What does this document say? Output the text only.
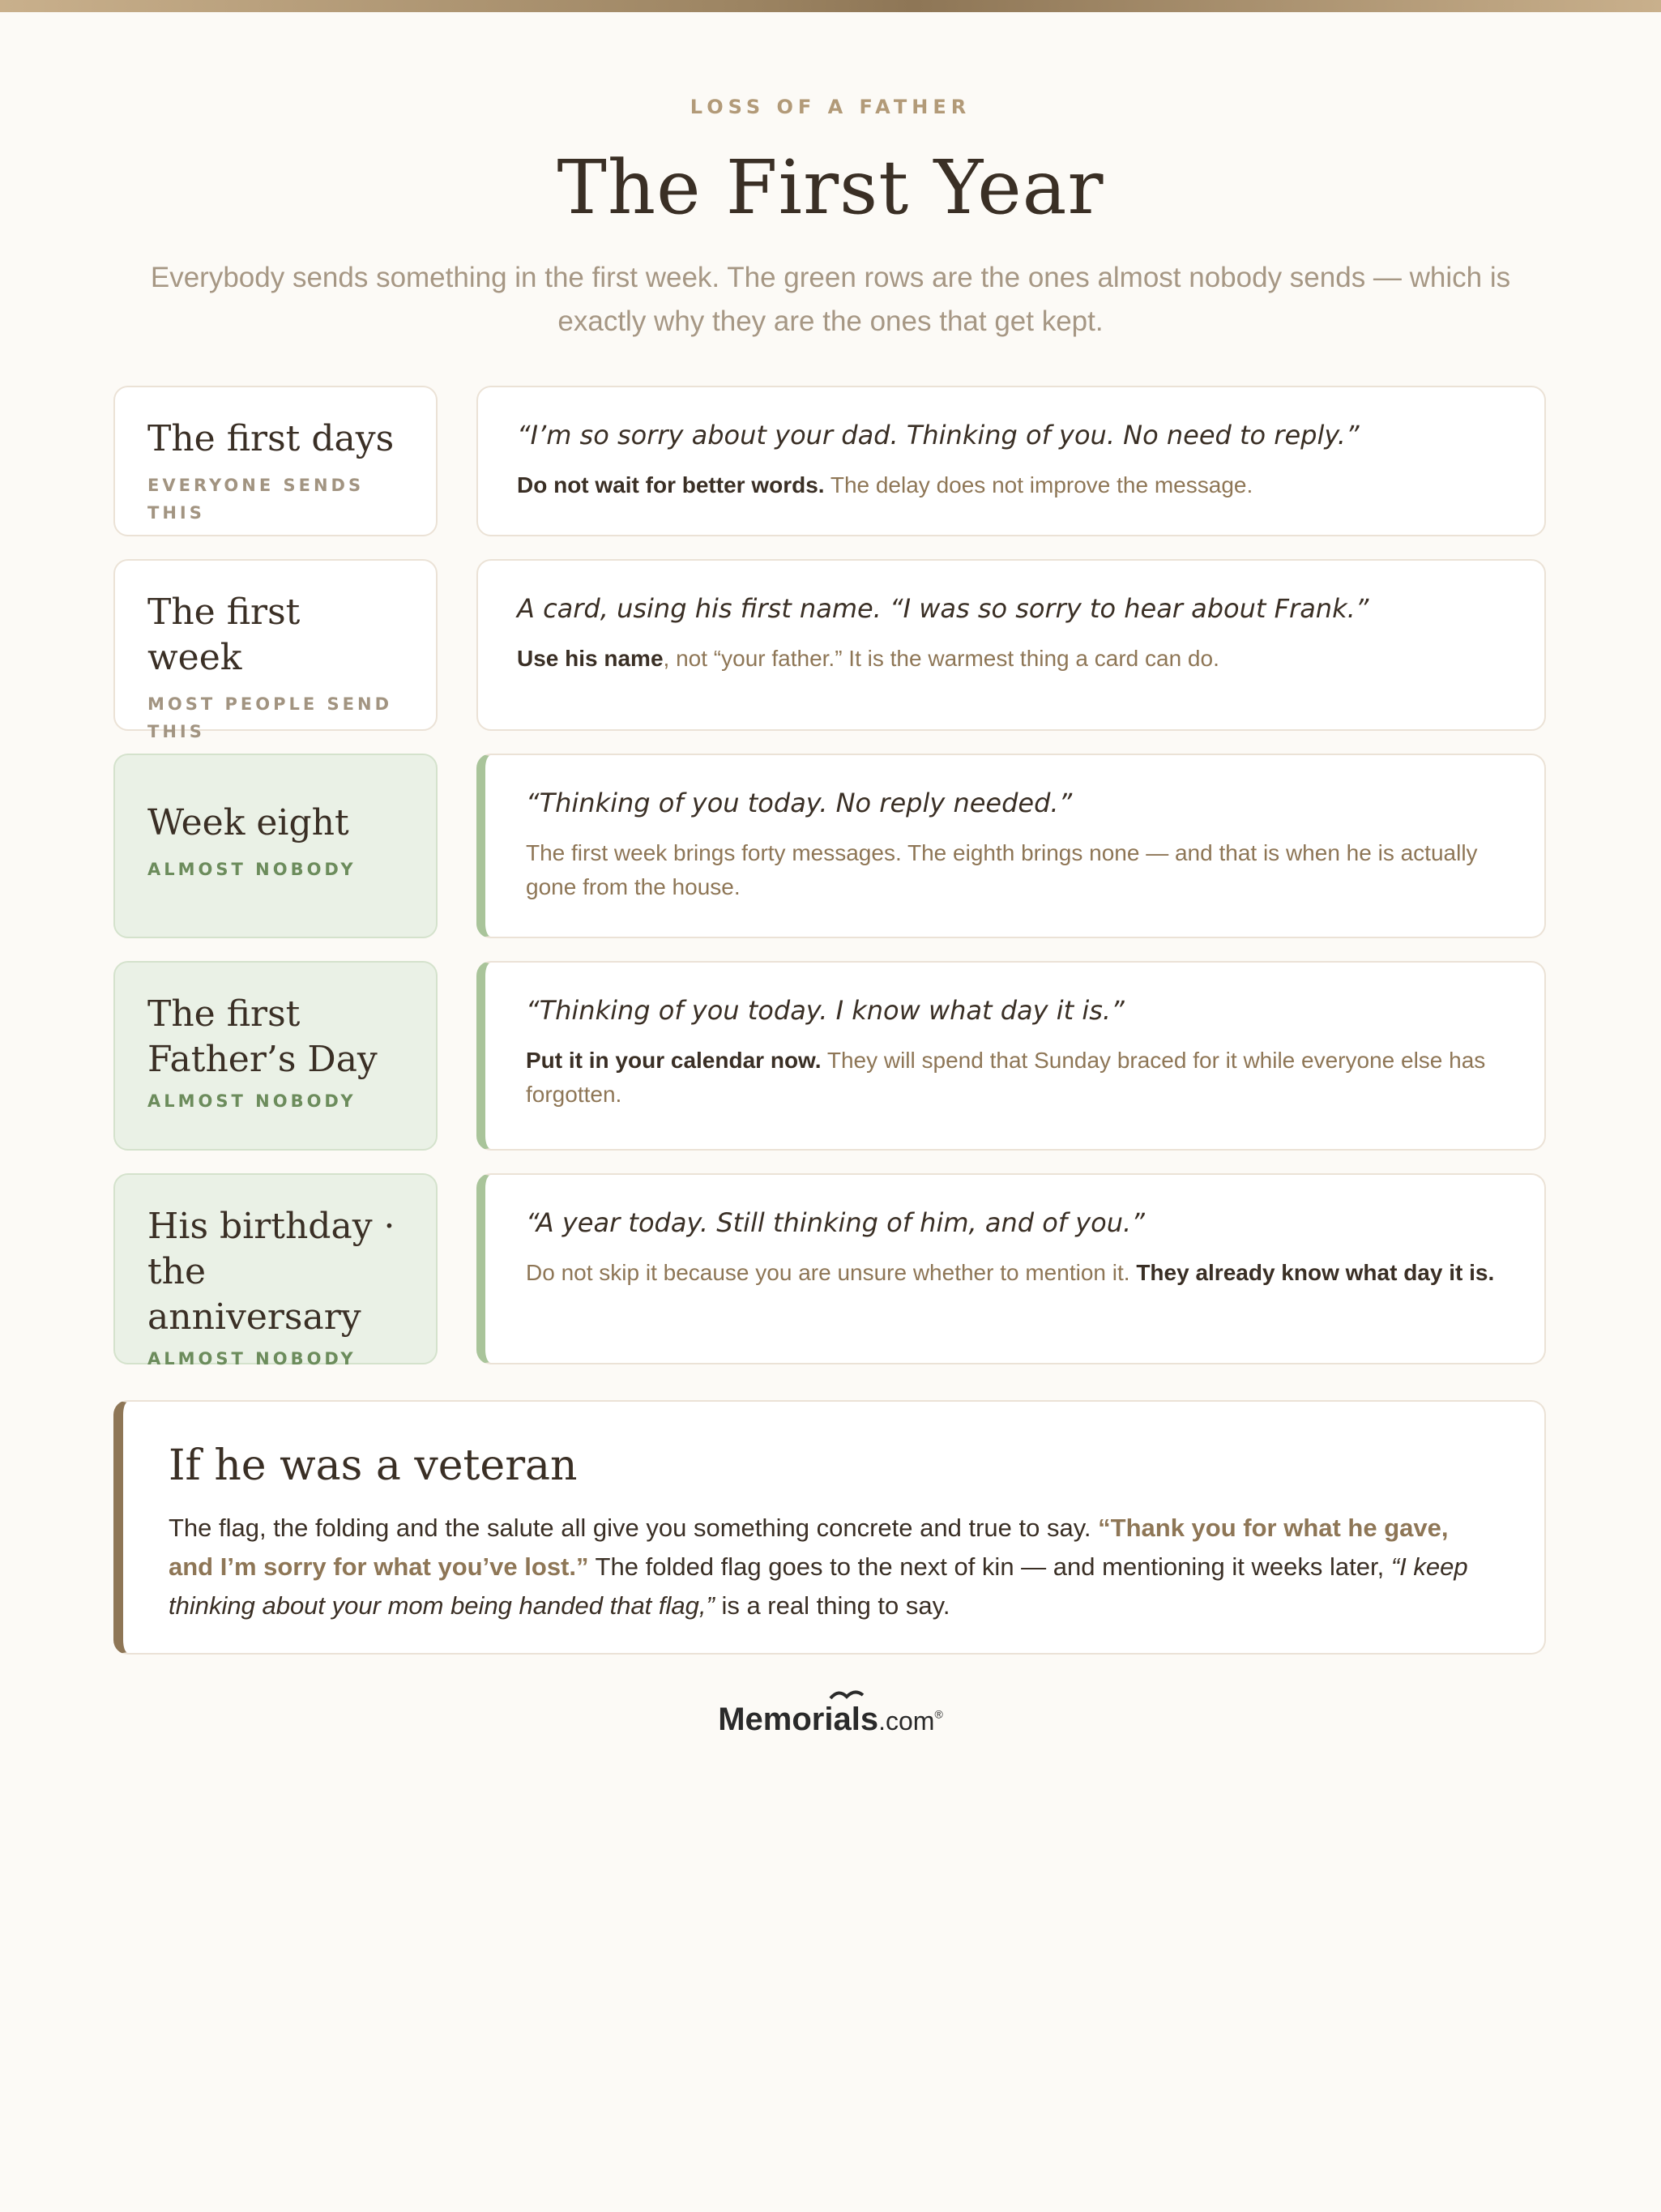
LOSS OF A FATHER
The First Year
Everybody sends something in the first week. The green rows are the ones almost nobody sends — which is exactly why they are the ones that get kept.
The first days
EVERYONE SENDS THIS
“I’m so sorry about your dad. Thinking of you. No need to reply.”
Do not wait for better words. The delay does not improve the message.
The first week
MOST PEOPLE SEND THIS
A card, using his first name. “I was so sorry to hear about Frank.”
Use his name, not “your father.” It is the warmest thing a card can do.
Week eight
ALMOST NOBODY
“Thinking of you today. No reply needed.”
The first week brings forty messages. The eighth brings none — and that is when he is actually gone from the house.
The first Father’s Day
ALMOST NOBODY
“Thinking of you today. I know what day it is.”
Put it in your calendar now. They will spend that Sunday braced for it while everyone else has forgotten.
His birthday · the anniversary
ALMOST NOBODY
“A year today. Still thinking of him, and of you.”
Do not skip it because you are unsure whether to mention it. They already know what day it is.
If he was a veteran
The flag, the folding and the salute all give you something concrete and true to say. “Thank you for what he gave, and I’m sorry for what you’ve lost.” The folded flag goes to the next of kin — and mentioning it weeks later, “I keep thinking about your mom being handed that flag,” is a real thing to say.
Memor
ials.com®
